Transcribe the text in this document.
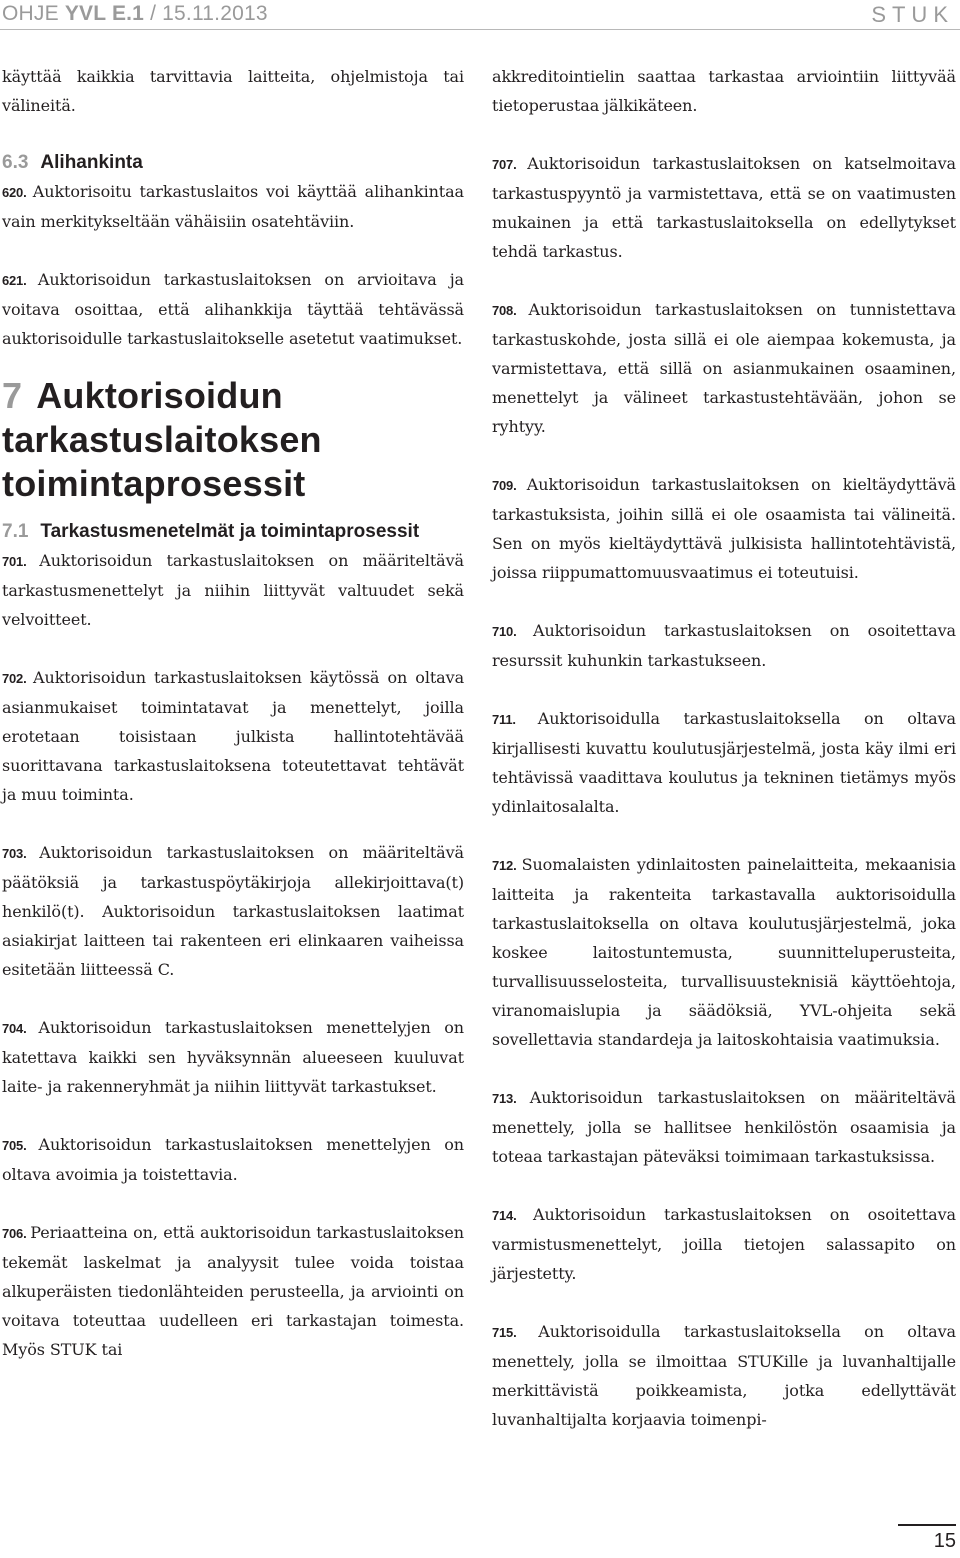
OHJE YVL E.1 / 15.11.2013	STUK

käyttää kaikkia tarvittavia laitteita, ohjelmistoja tai välineitä.

6.3 Alihankinta

620 . Auktorisoitu tarkastuslaitos voi käyttää alihankintaa vain merkitykseltään vähäisiin osatehtäviin.

621 . Auktorisoidun tarkastuslaitoksen on arvioitava ja voitava osoittaa, että alihankkija täyttää tehtävässä auktorisoidulle tarkastuslaitokselle asetetut vaatimukset.

7 Auktorisoidun tarkastuslaitoksen toimintaprosessit
7.1 Tarkastusmenetelmät ja toimintaprosessit

701 . Auktorisoidun tarkastuslaitoksen on määriteltävä tarkastusmenettelyt ja niihin liittyvät valtuudet sekä velvoitteet.

702 . Auktorisoidun tarkastuslaitoksen käytössä on oltava asianmukaiset toimintatavat ja menettelyt, joilla erotetaan toisistaan julkista hallintotehtävää suorittavana tarkastuslaitoksena toteutettavat tehtävät ja muu toiminta.

703 . Auktorisoidun tarkastuslaitoksen on määriteltävä päätöksiä ja tarkastuspöytäkirjoja allekirjoittava(t) henkilö(t). Auktorisoidun tarkastuslaitoksen laatimat asiakirjat laitteen tai rakenteen eri elinkaaren vaiheissa esitetään liitteessä C.

704 . Auktorisoidun tarkastuslaitoksen menettelyjen on katettava kaikki sen hyväksynnän alueeseen kuuluvat laite- ja rakenneryhmät ja niihin liittyvät tarkastukset.

705 . Auktorisoidun tarkastuslaitoksen menettelyjen on oltava avoimia ja toistettavia.

706 . Periaatteina on, että auktorisoidun tarkastuslaitoksen tekemät laskelmat ja analyysit tulee voida toistaa alkuperäisten tiedonlähteiden perusteella, ja arviointi on voitava toteuttaa uudelleen eri tarkastajan toimesta. Myös STUK tai

akkreditointielin saattaa tarkastaa arviointiin liittyvää tietoperustaa jälkikäteen.

707 . Auktorisoidun tarkastuslaitoksen on katselmoitava tarkastuspyyntö ja varmistettava, että se on vaatimusten mukainen ja että tarkastuslaitoksella on edellytykset tehdä tarkastus.

708 . Auktorisoidun tarkastuslaitoksen on tunnistettava tarkastuskohde, josta sillä ei ole aiempaa kokemusta, ja varmistettava, että sillä on asianmukainen osaaminen, menettelyt ja välineet tarkastustehtävään, johon se ryhtyy.

709 . Auktorisoidun tarkastuslaitoksen on kieltäydyttävä tarkastuksista, joihin sillä ei ole osaamista tai välineitä. Sen on myös kieltäydyttävä julkisista hallintotehtävistä, joissa riippumattomuusvaatimus ei toteutuisi.

710 . Auktorisoidun tarkastuslaitoksen on osoitettava resurssit kuhunkin tarkastukseen.

711 . Auktorisoidulla tarkastuslaitoksella on oltava kirjallisesti kuvattu koulutusjärjestelmä, josta käy ilmi eri tehtävissä vaadittava koulutus ja tekninen tietämys myös ydinlaitosalalta.

712 . Suomalaisten ydinlaitosten painelaitteita, mekaanisia laitteita ja rakenteita tarkastavalla auktorisoidulla tarkastuslaitoksella on oltava koulutusjärjestelmä, joka koskee laitostuntemusta, suunnitteluperusteita, turvallisuusselosteita, turvallisuusteknisiä käyttöehtoja, viranomaislupia ja säädöksiä, YVL-ohjeita sekä sovellettavia standardeja ja laitoskohtaisia vaatimuksia.

713 . Auktorisoidun tarkastuslaitoksen on määriteltävä menettely, jolla se hallitsee henkilöstön osaamisia ja toteaa tarkastajan päteväksi toimimaan tarkastuksissa.

714 . Auktorisoidun tarkastuslaitoksen on osoitettava varmistusmenettelyt, joilla tietojen salassapito on järjestetty.

715 . Auktorisoidulla tarkastuslaitoksella on oltava menettely, jolla se ilmoittaa STUKille ja luvanhaltijalle merkittävistä poikkeamista, jotka edellyttävät luvanhaltijalta korjaavia toimenpi-

15
